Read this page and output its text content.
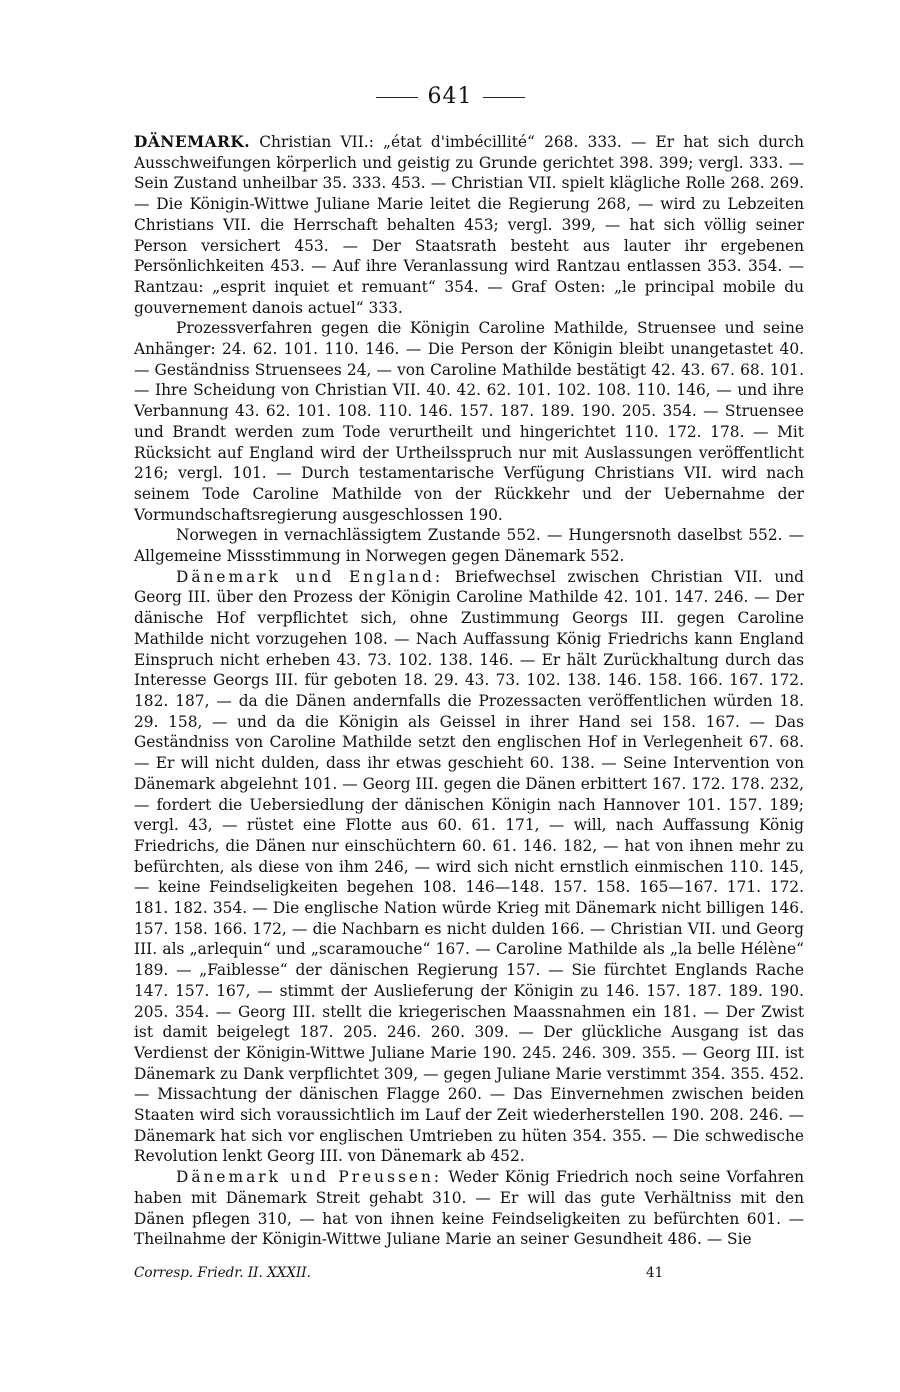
641

DÄNEMARK. Christian VII.: „état d'imbécillité“ 268. 333. — Er hat sich durch Ausschweifungen körperlich und geistig zu Grunde gerichtet 398. 399; vergl. 333. — Sein Zustand unheilbar 35. 333. 453. — Christian VII. spielt klägliche Rolle 268. 269. — Die Königin-Wittwe Juliane Marie leitet die Regierung 268, — wird zu Lebzeiten Christians VII. die Herrschaft behalten 453; vergl. 399, — hat sich völlig seiner Person versichert 453. — Der Staatsrath besteht aus lauter ihr ergebenen Persönlichkeiten 453. — Auf ihre Veranlassung wird Rantzau entlassen 353. 354. — Rantzau: „esprit inquiet et remuant“ 354. — Graf Osten: „le principal mobile du gouvernement danois actuel“ 333.

Prozessverfahren gegen die Königin Caroline Mathilde, Struensee und seine Anhänger: 24. 62. 101. 110. 146. — Die Person der Königin bleibt unangetastet 40. — Geständniss Struensees 24, — von Caroline Mathilde bestätigt 42. 43. 67. 68. 101. — Ihre Scheidung von Christian VII. 40. 42. 62. 101. 102. 108. 110. 146, — und ihre Verbannung 43. 62. 101. 108. 110. 146. 157. 187. 189. 190. 205. 354. — Struensee und Brandt werden zum Tode verurtheilt und hingerichtet 110. 172. 178. — Mit Rücksicht auf England wird der Urtheilsspruch nur mit Auslassungen veröffentlicht 216; vergl. 101. — Durch testamentarische Verfügung Christians VII. wird nach seinem Tode Caroline Mathilde von der Rückkehr und der Uebernahme der Vormundschaftsregierung ausgeschlossen 190.

Norwegen in vernachlässigtem Zustande 552. — Hungersnoth daselbst 552. — Allgemeine Missstimmung in Norwegen gegen Dänemark 552.

Dänemark und England: Briefwechsel zwischen Christian VII. und Georg III. über den Prozess der Königin Caroline Mathilde 42. 101. 147. 246. — Der dänische Hof verpflichtet sich, ohne Zustimmung Georgs III. gegen Caroline Mathilde nicht vorzugehen 108. — Nach Auffassung König Friedrichs kann England Einspruch nicht erheben 43. 73. 102. 138. 146. — Er hält Zurückhaltung durch das Interesse Georgs III. für geboten 18. 29. 43. 73. 102. 138. 146. 158. 166. 167. 172. 182. 187, — da die Dänen andernfalls die Prozessacten veröffentlichen würden 18. 29. 158, — und da die Königin als Geissel in ihrer Hand sei 158. 167. — Das Geständniss von Caroline Mathilde setzt den englischen Hof in Verlegenheit 67. 68. — Er will nicht dulden, dass ihr etwas geschieht 60. 138. — Seine Intervention von Dänemark abgelehnt 101. — Georg III. gegen die Dänen erbittert 167. 172. 178. 232, — fordert die Uebersiedlung der dänischen Königin nach Hannover 101. 157. 189; vergl. 43, — rüstet eine Flotte aus 60. 61. 171, — will, nach Auffassung König Friedrichs, die Dänen nur einschüchtern 60. 61. 146. 182, — hat von ihnen mehr zu befürchten, als diese von ihm 246, — wird sich nicht ernstlich einmischen 110. 145, — keine Feindseligkeiten begehen 108. 146—148. 157. 158. 165—167. 171. 172. 181. 182. 354. — Die englische Nation würde Krieg mit Dänemark nicht billigen 146. 157. 158. 166. 172, — die Nachbarn es nicht dulden 166. — Christian VII. und Georg III. als „arlequin“ und „scaramouche“ 167. — Caroline Mathilde als „la belle Hélène“ 189. — „Faiblesse“ der dänischen Regierung 157. — Sie fürchtet Englands Rache 147. 157. 167, — stimmt der Auslieferung der Königin zu 146. 157. 187. 189. 190. 205. 354. — Georg III. stellt die kriegerischen Maassnahmen ein 181. — Der Zwist ist damit beigelegt 187. 205. 246. 260. 309. — Der glückliche Ausgang ist das Verdienst der Königin-Wittwe Juliane Marie 190. 245. 246. 309. 355. — Georg III. ist Dänemark zu Dank verpflichtet 309, — gegen Juliane Marie verstimmt 354. 355. 452. — Missachtung der dänischen Flagge 260. — Das Einvernehmen zwischen beiden Staaten wird sich voraussichtlich im Lauf der Zeit wiederherstellen 190. 208. 246. — Dänemark hat sich vor englischen Umtrieben zu hüten 354. 355. — Die schwedische Revolution lenkt Georg III. von Dänemark ab 452.

Dänemark und Preussen: Weder König Friedrich noch seine Vorfahren haben mit Dänemark Streit gehabt 310. — Er will das gute Verhältniss mit den Dänen pflegen 310, — hat von ihnen keine Feindseligkeiten zu befürchten 601. — Theilnahme der Königin-Wittwe Juliane Marie an seiner Gesundheit 486. — Sie

Corresp. Friedr. II. XXXII.	41
